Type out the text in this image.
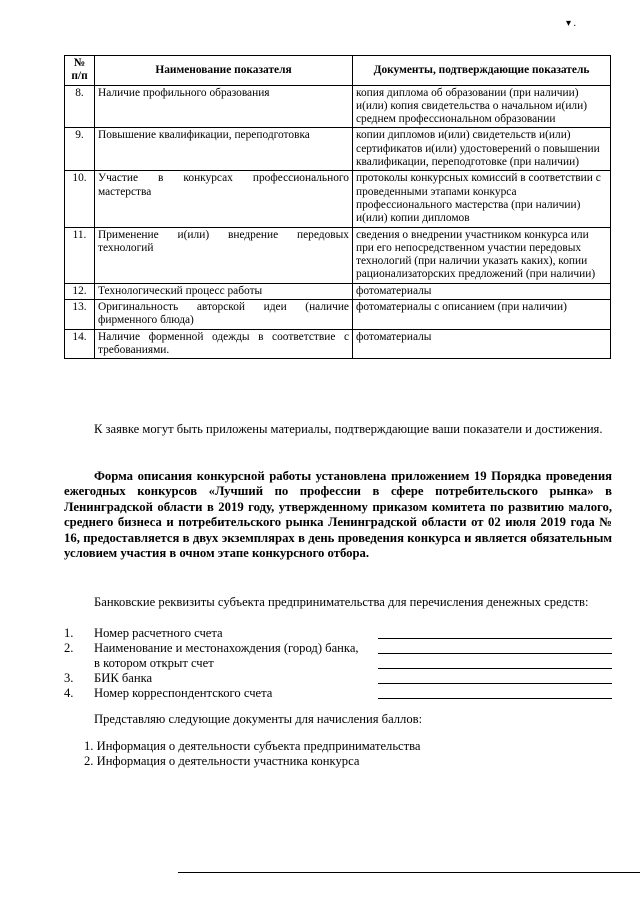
▾ .
№ п/п	Наименование показателя	Документы, подтверждающие показатель
8.	Наличие профильного образования	копия диплома об образовании (при наличии) и(или) копия свидетельства о начальном и(или) среднем профессиональном образовании
9.	Повышение квалификации, переподготовка	копии дипломов и(или) свидетельств и(или) сертификатов и(или) удостоверений о повышении квалификации, переподготовке (при наличии)
10.	Участие в конкурсах профессионального мастерства	протоколы конкурсных комиссий в соответствии с проведенными этапами конкурса профессионального мастерства (при наличии) и(или) копии дипломов
11.	Применение и(или) внедрение передовых технологий	сведения о внедрении участником конкурса или при его непосредственном участии передовых технологий (при наличии указать каких), копии рационализаторских предложений (при наличии)
12.	Технологический процесс работы	фотоматериалы
13.	Оригинальность авторской идеи (наличие фирменного блюда)	фотоматериалы с описанием (при наличии)
14.	Наличие форменной одежды в соответствие с требованиями.	фотоматериалы
К заявке могут быть приложены материалы, подтверждающие ваши показатели и достижения.
Форма описания конкурсной работы установлена приложением 19 Порядка проведения ежегодных конкурсов «Лучший по профессии в сфере потребительского рынка» в Ленинградской области в 2019 году, утвержденному приказом комитета по развитию малого, среднего бизнеса и потребительского рынка Ленинградской области от 02 июля 2019 года № 16, предоставляется в двух экземплярах в день проведения конкурса и является обязательным условием участия в очном этапе конкурсного отбора.
Банковские реквизиты субъекта предпринимательства для перечисления денежных средств:
1. Номер расчетного счета
2. Наименование и местонахождения (город) банка,
в котором открыт счет
3. БИК банка
4. Номер корреспондентского счета
Представляю следующие документы для начисления баллов:
1. Информация о деятельности субъекта предпринимательства
2. Информация о деятельности участника конкурса
